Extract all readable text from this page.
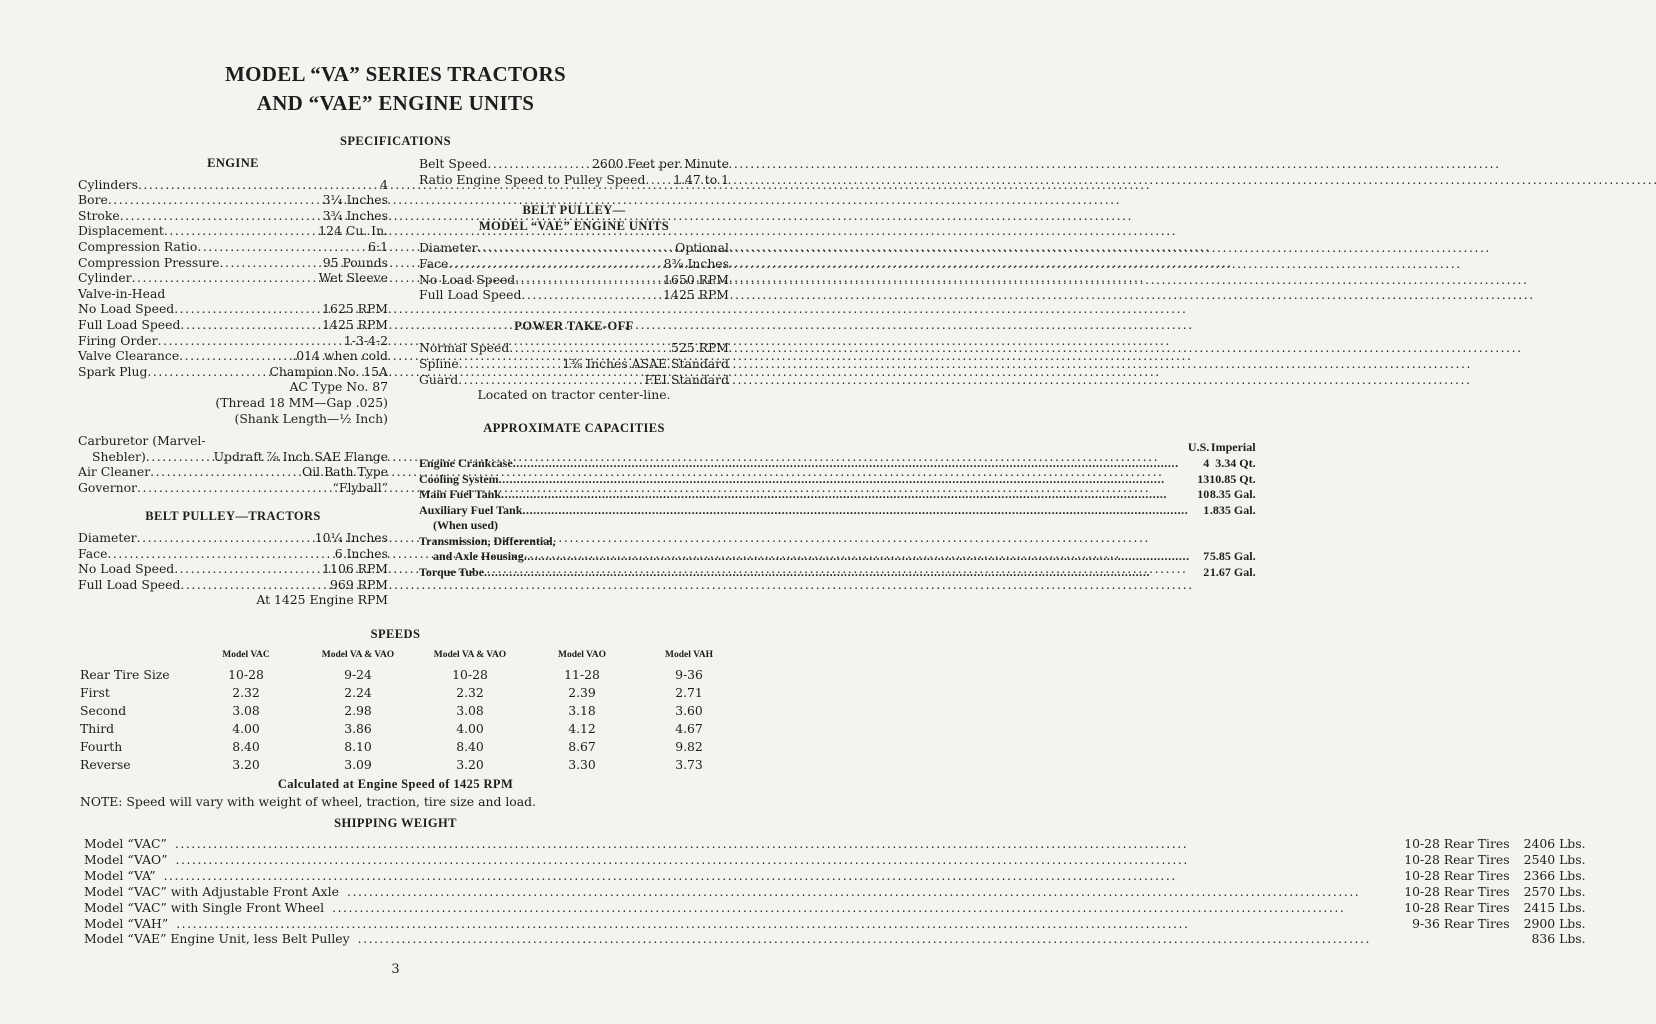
MODEL “VA” SERIES TRACTORS
AND “VAE” ENGINE UNITS
SPECIFICATIONS
ENGINE
Cylinders . . .	4
Bore . . .	3¼ Inches
Stroke . . .	3¾ Inches
Displacement . . .	124 Cu. In.
Compression Ratio . . .	6:1
Compression Pressure . . .	95 Pounds
Cylinder . . .	Wet Sleeve
Valve-in-Head
No Load Speed . . .	1625 RPM
Full Load Speed . . .	1425 RPM
Firing Order . . .	1-3-4-2
Valve Clearance . . .	.014 when cold
Spark Plug . . .	Champion No. 15A
AC Type No. 87
(Thread 18 MM—Gap .025)
(Shank Length—½ Inch)
Carburetor (Marvel-
Shebler) . . .	Updraft ⅞ Inch SAE Flange
Air Cleaner . . .	Oil Bath Type
Governor . . .	“Flyball”
BELT PULLEY—TRACTORS
Diameter . . .	10¼ Inches
Face . . .	6 Inches
No Load Speed . . .	1106 RPM
Full Load Speed . . .	969 RPM
At 1425 Engine RPM
Belt Speed . . .	2600 Feet per Minute
Ratio Engine Speed to Pulley Speed . . . 1.47 to 1
BELT PULLEY—
MODEL “VAE” ENGINE UNITS
Diameter . . .	Optional
Face . . .	8⅜ Inches
No Load Speed . . .	1650 RPM
Full Load Speed . . .	1425 RPM
POWER TAKE-OFF
Normal Speed . . .	525 RPM
Spline . . .	1⅜ Inches ASAE Standard
Guard . . .	FEI Standard
Located on tractor center-line.
APPROXIMATE CAPACITIES
	U.S.	Imperial

Engine Crankcase
. . .	4	3.34 Qt.

Cooling System
. . .	13	10.85 Qt.

Main Fuel Tank
. . .	10	8.35 Gal.

Auxiliary Fuel Tank
. . .	1	.835 Gal.

(When used)		

Transmission, Differential,		

and Axle Housing
. . .	7	5.85 Gal.

Torque Tube
. . .	2	1.67 Gal.
SPEEDS
	Model VAC	Model VA & VAO	Model VA & VAO	Model VAO	Model VAH
Rear Tire Size	10-28	9-24	10-28	11-28	9-36
First	2.32	2.24	2.32	2.39	2.71
Second	3.08	2.98	3.08	3.18	3.60
Third	4.00	3.86	4.00	4.12	4.67
Fourth	8.40	8.10	8.40	8.67	9.82
Reverse	3.20	3.09	3.20	3.30	3.73
Calculated at Engine Speed of 1425 RPM
NOTE: Speed will vary with weight of wheel, traction, tire size and load.
SHIPPING WEIGHT
Model “VAC”
. . .	10-28 Rear Tires	2406 Lbs.

Model “VAO”
. . .	10-28 Rear Tires	2540 Lbs.

Model “VA”
. . .	10-28 Rear Tires	2366 Lbs.

Model “VAC” with Adjustable Front Axle
. . .	10-28 Rear Tires	2570 Lbs.

Model “VAC” with Single Front Wheel
. . .	10-28 Rear Tires	2415 Lbs.

Model “VAH”
. . .	9-36 Rear Tires	2900 Lbs.

Model “VAE” Engine Unit, less Belt Pulley
. . .		836 Lbs.
3
